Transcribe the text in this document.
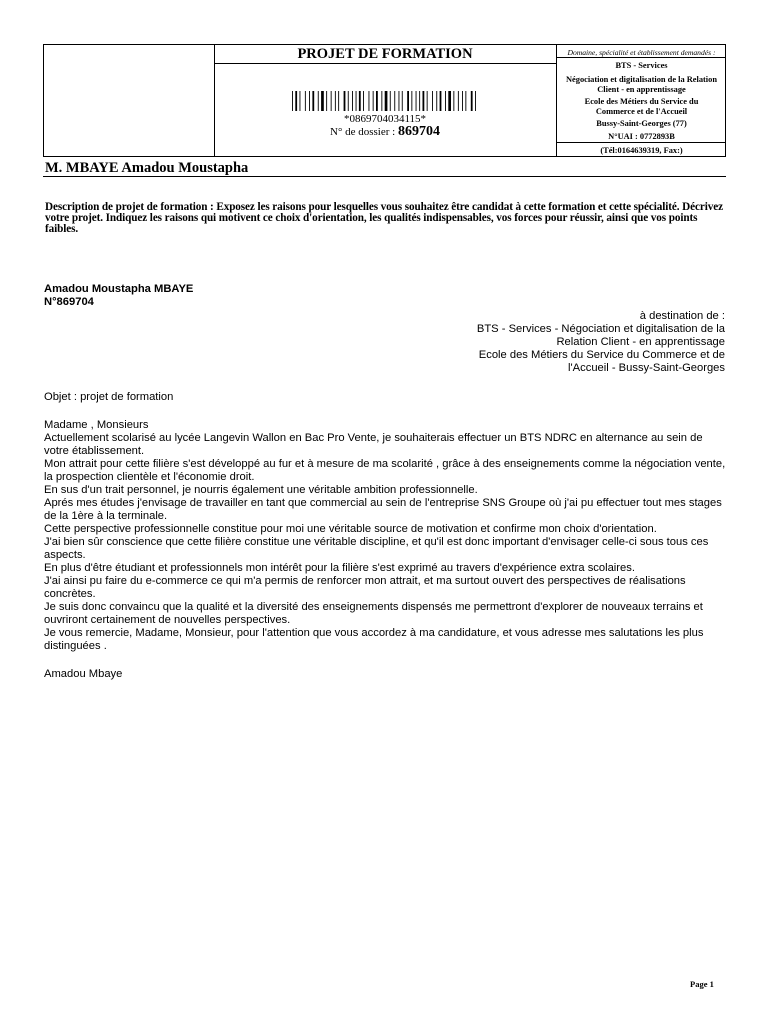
PROJET DE FORMATION
*0869704034115*
N° de dossier : 869704
Domaine, spécialité et établissement demandés :
BTS - Services
Négociation et digitalisation de la Relation Client - en apprentissage
Ecole des Métiers du Service du Commerce et de l'Accueil
Bussy-Saint-Georges (77)
N°UAI : 0772893B
(Tél:0164639319, Fax:)
M. MBAYE Amadou Moustapha
Description de projet de formation : Exposez les raisons pour lesquelles vous souhaitez être candidat à cette formation et cette spécialité. Décrivez votre projet. Indiquez les raisons qui motivent ce choix d'orientation, les qualités indispensables, vos forces pour réussir, ainsi que vos points faibles.
Amadou Moustapha MBAYE
N°869704
à destination de :
BTS - Services - Négociation et digitalisation de la
Relation Client - en apprentissage
Ecole des Métiers du Service du Commerce et de
l'Accueil - Bussy-Saint-Georges
Objet : projet de formation
Madame , Monsieurs

Actuellement scolarisé au lycée Langevin Wallon en Bac Pro Vente, je souhaiterais effectuer un BTS NDRC en alternance au sein de votre établissement.

Mon attrait pour cette filière s'est développé au fur et à mesure de ma scolarité , grâce à des enseignements comme la négociation vente, la prospection clientèle et l'économie droit.

En sus d'un trait personnel, je nourris également une véritable ambition professionnelle.

Aprés mes études j'envisage de travailler en tant que commercial au sein de l'entreprise SNS Groupe où j'ai pu effectuer tout mes stages de la 1ère à la terminale.

Cette perspective professionnelle constitue pour moi une véritable source de motivation et confirme mon choix d'orientation.

J'ai bien sûr conscience que cette filière constitue une véritable discipline, et qu'il est donc important d'envisager celle-ci sous tous ces aspects.

En plus d'être étudiant et professionnels mon intérêt pour la filière s'est exprimé au travers d'expérience extra scolaires.

J'ai ainsi pu faire du e-commerce ce qui m'a permis de renforcer mon attrait, et ma surtout ouvert des perspectives de réalisations concrètes.

Je suis donc convaincu que la qualité et la diversité des enseignements dispensés me permettront d'explorer de nouveaux terrains et ouvriront certainement de nouvelles perspectives.

Je vous remercie, Madame, Monsieur, pour l'attention que vous accordez à ma candidature, et vous adresse mes salutations les plus distinguées .

Amadou Mbaye
Page 1
